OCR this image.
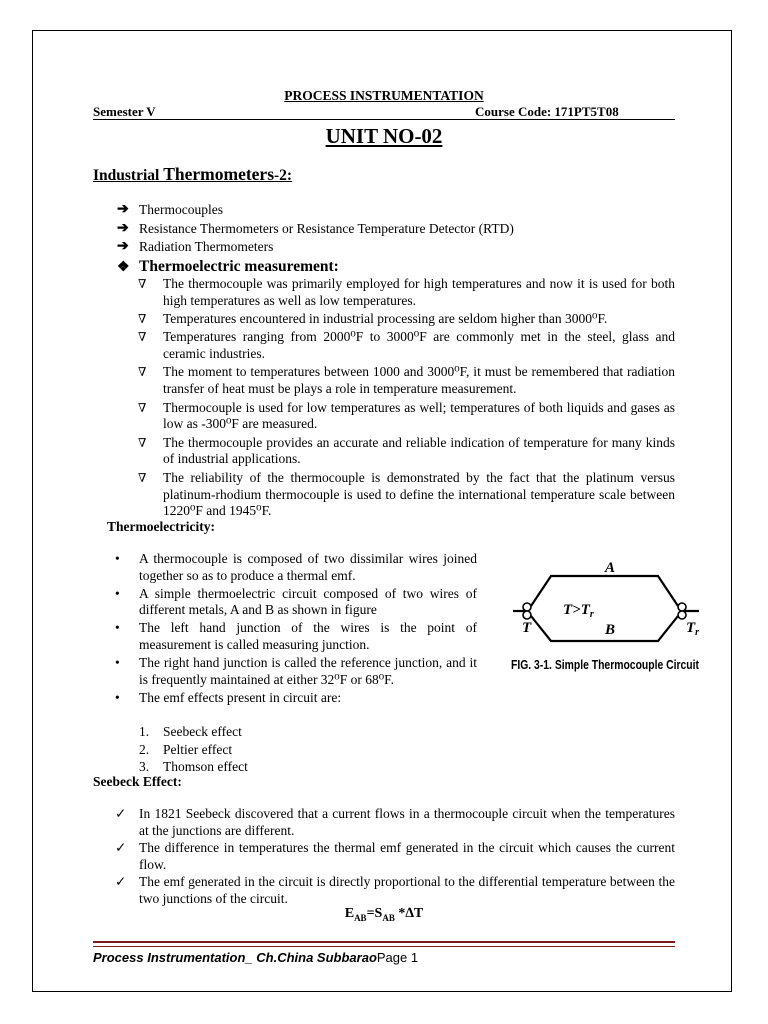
PROCESS INSTRUMENTATION
Semester V	Course Code: 171PT5T08
UNIT NO-02
Industrial Thermometers-2:
➔ Thermocouples
➔ Resistance Thermometers or Resistance Temperature Detector (RTD)
➔ Radiation Thermometers
❖ Thermoelectric measurement:
∇	The thermocouple was primarily employed for high temperatures and now it is used for both high temperatures as well as low temperatures.
∇	Temperatures encountered in industrial processing are seldom higher than 3000⁰F.
∇	Temperatures ranging from 2000⁰F to 3000⁰F are commonly met in the steel, glass and ceramic industries.
∇	The moment to temperatures between 1000 and 3000⁰F, it must be remembered that radiation transfer of heat must be plays a role in temperature measurement.
∇	Thermocouple is used for low temperatures as well; temperatures of both liquids and gases as low as -300⁰F are measured.
∇	The thermocouple provides an accurate and reliable indication of temperature for many kinds of industrial applications.
∇	The reliability of the thermocouple is demonstrated by the fact that the platinum versus platinum-rhodium thermocouple is used to define the international temperature scale between 1220⁰F and 1945⁰F.
Thermoelectricity:
•	A thermocouple is composed of two dissimilar wires joined together so as to produce a thermal emf.
•	A simple thermoelectric circuit composed of two wires of different metals, A and B as shown in figure
•	The left hand junction of the wires is the point of measurement is called measuring junction.
•	The right hand junction is called the reference junction, and it is frequently maintained at either 32⁰F or 68⁰F.
•	The emf effects present in circuit are:
1.	Seebeck effect
2.	Peltier effect
3.	Thomson effect
A
B
T	$T_r$
$T>T_r$
FIG. 3-1. Simple Thermocouple Circuit
Seebeck Effect:
✓ In 1821 Seebeck discovered that a current flows in a thermocouple circuit when the temperatures at the junctions are different.
✓ The difference in temperatures the thermal emf generated in the circuit which causes the current flow.
✓ The emf generated in the circuit is directly proportional to the differential temperature between the two junctions of the circuit.
$E_{AB}=S_{AB}$ *∆T
Process Instrumentation_ Ch.China SubbaraoPage 1
